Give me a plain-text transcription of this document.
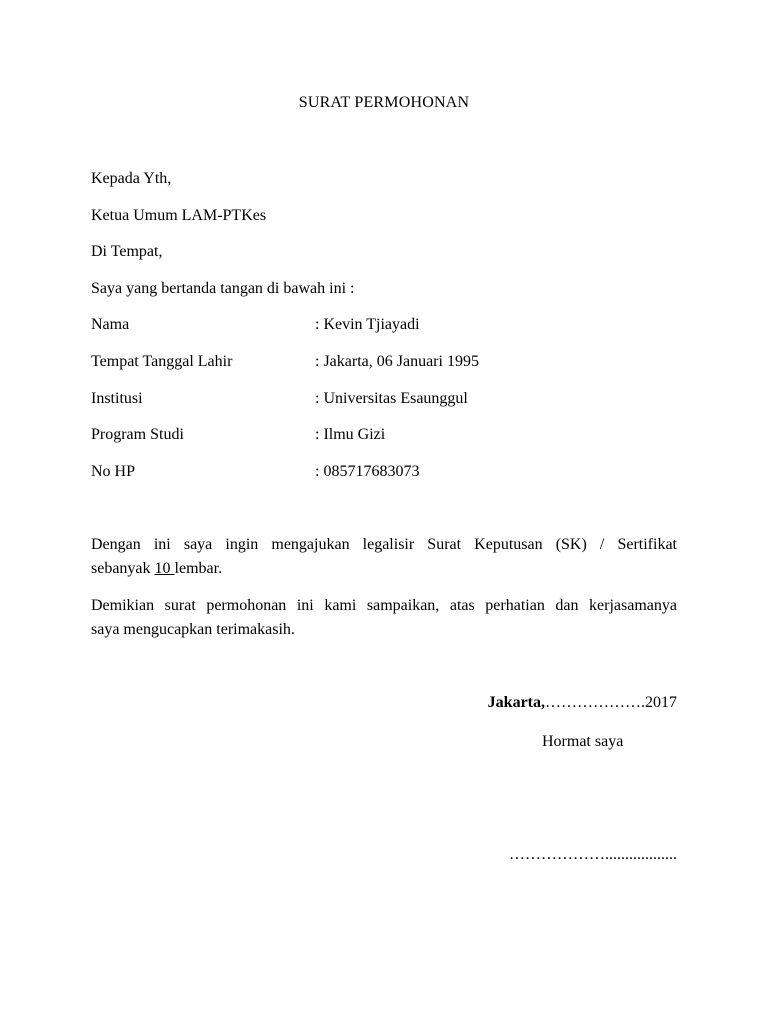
SURAT PERMOHONAN
Kepada Yth,
Ketua Umum LAM-PTKes
Di Tempat,
Saya yang bertanda tangan di bawah ini :
Nama	: Kevin Tjiayadi
Tempat Tanggal Lahir	: Jakarta, 06 Januari 1995
Institusi	: Universitas Esaunggul
Program Studi	: Ilmu Gizi
No HP	: 085717683073
Dengan ini saya ingin mengajukan legalisir Surat Keputusan (SK) / Sertifikat
sebanyak 10 lembar.
Demikian surat permohonan ini kami sampaikan, atas perhatian dan kerjasamanya
saya mengucapkan terimakasih.
Jakarta,……………….2017
Hormat saya
………………..................
